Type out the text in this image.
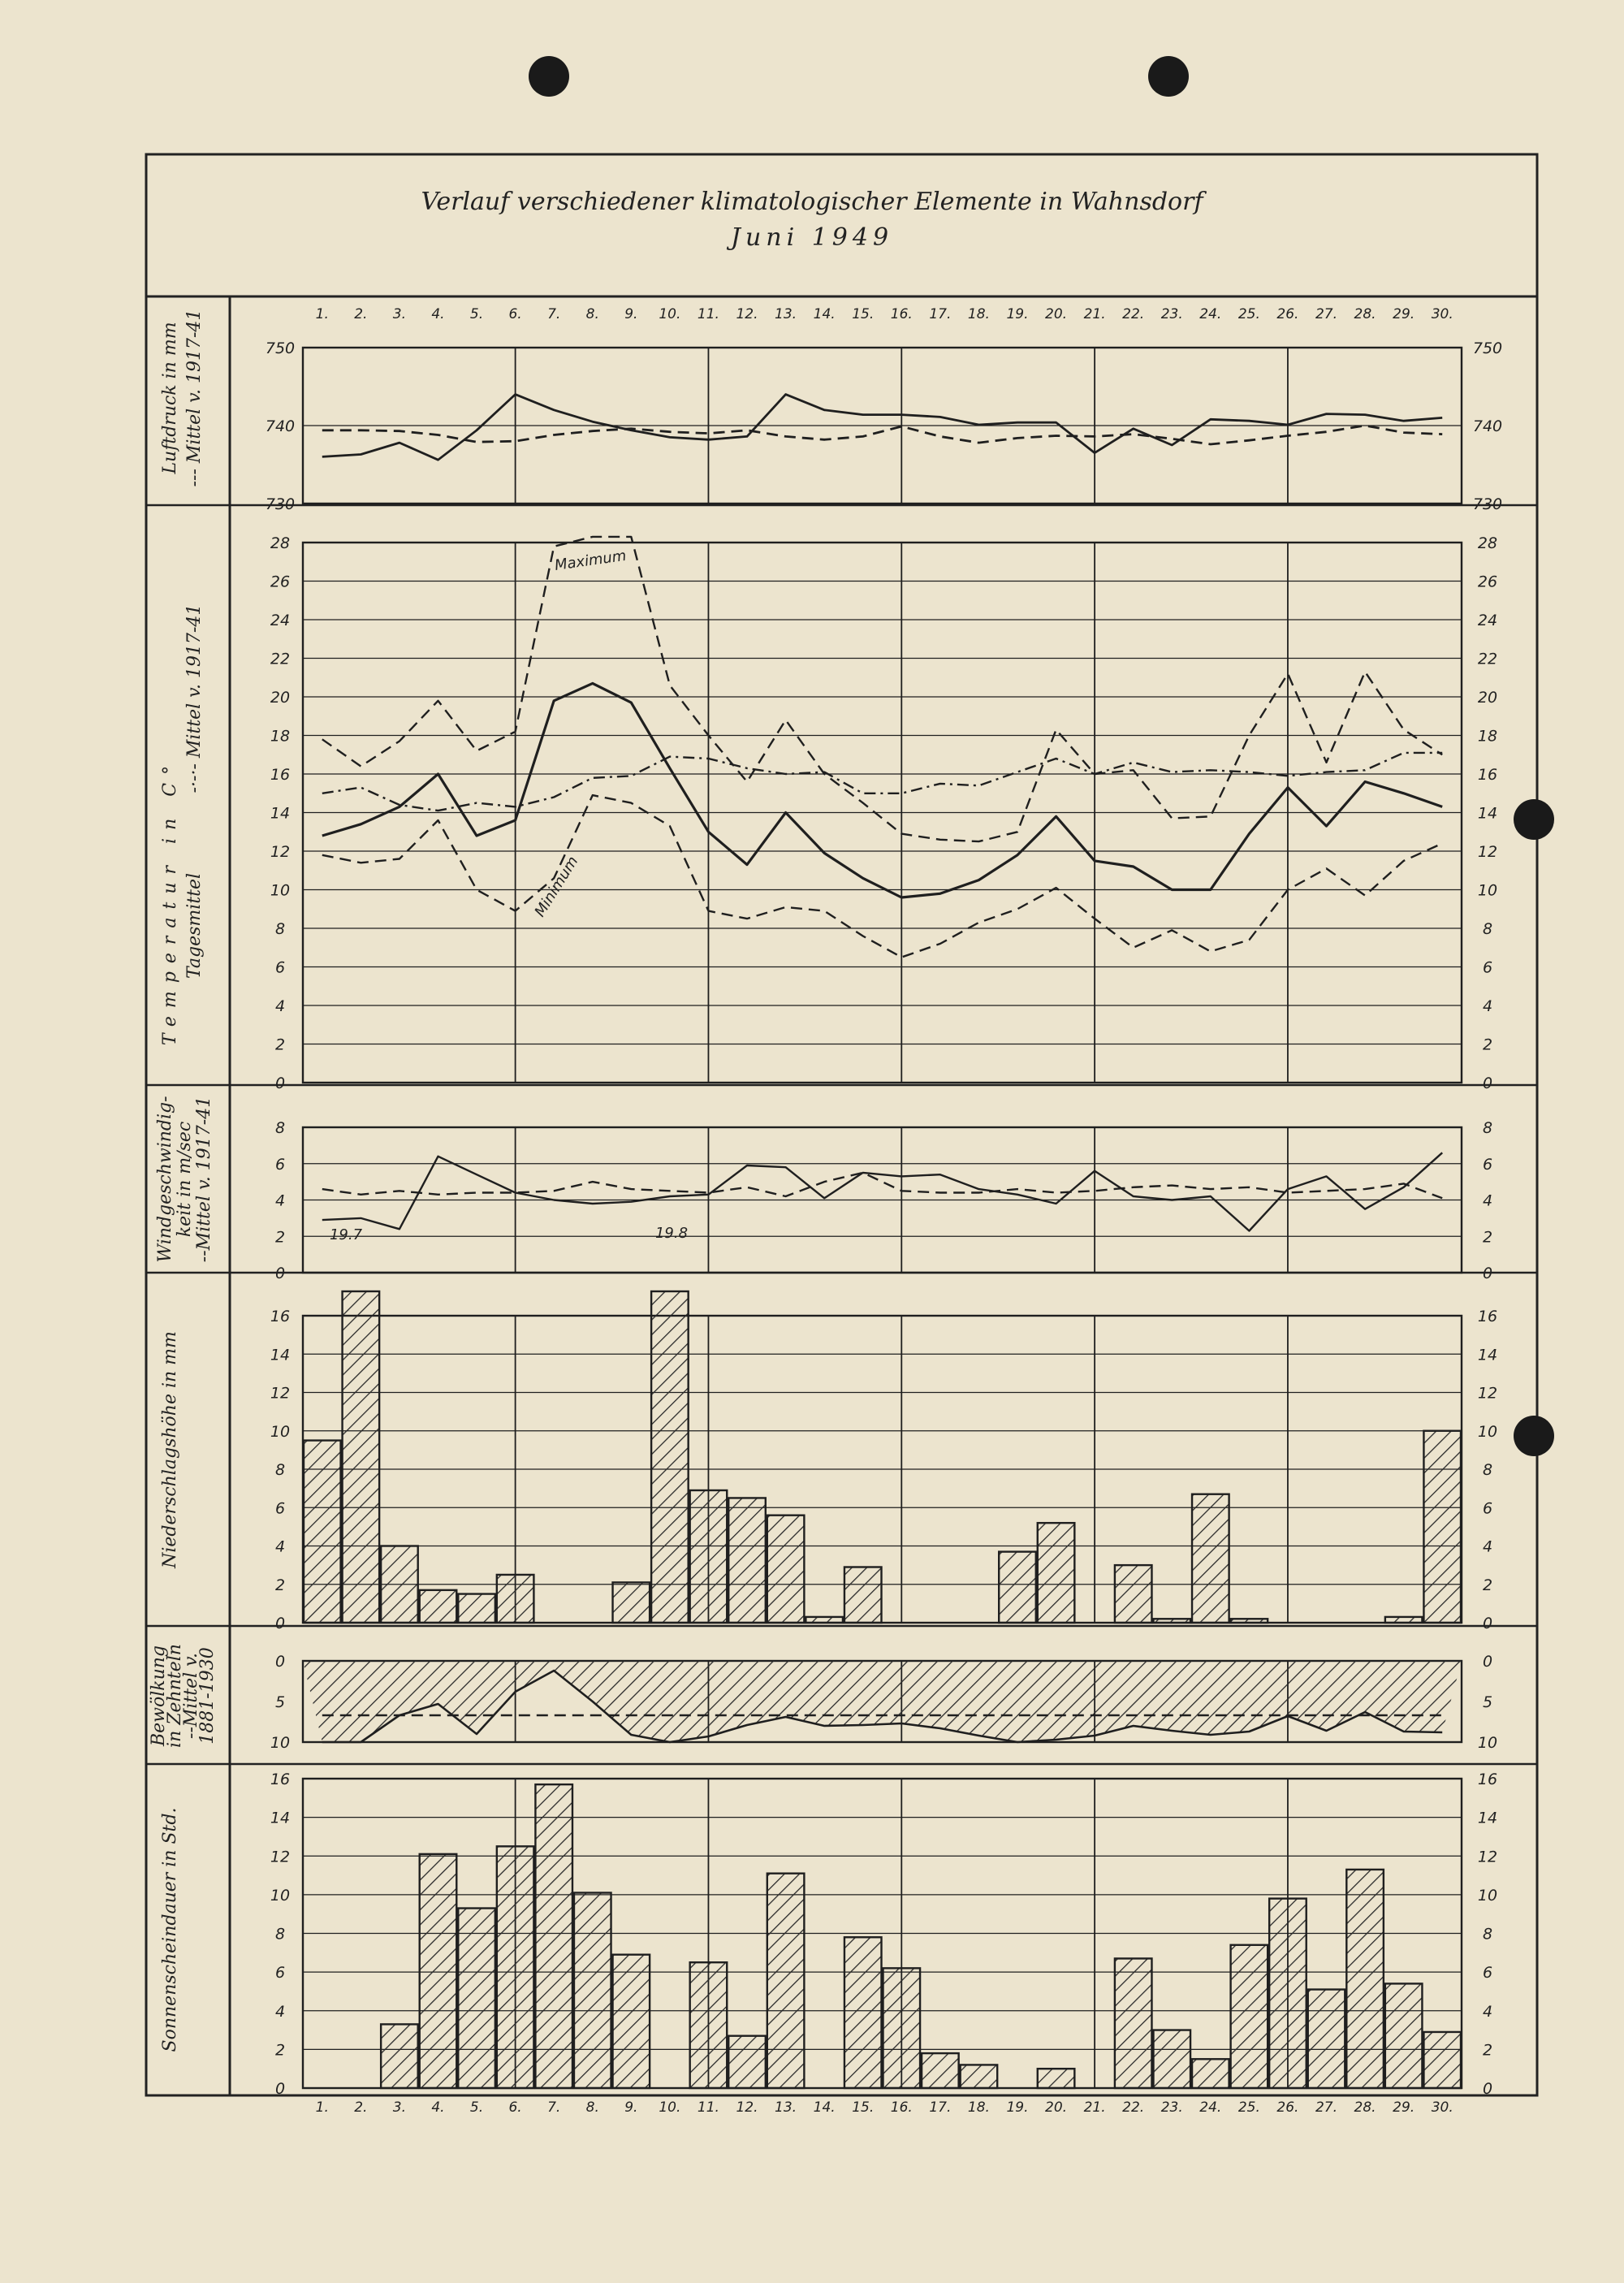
Verlauf verschiedener klimatologischer Elemente in Wahnsdorf
Juni 1949
Luftdruck in mm --- Mittel v. 1917-41
Temperatur in C° Tagesmittel
-·-·- Mittel v. 1917-41
Windgeschwindig- keit in m/sec --Mittel v. 1917-41
Niederschlagshöhe in mm
Bewölkung
in Zehnteln
--Mittel v.
1881-1930
Sonnenscheindauer in Std.
Maximum
Minimum
19.7	19.8
1.
1.
2.
2.
3.
3.
4.
4.
5.
5.
6.
6.
7.
7.
8.
8.
9.
9.
10.
10.
11.
11.
12.
12.
13.
13.
14.
14.
15.
15.
16.
16.
17.
17.
18.
18.
19.
19.
20.
20.
21.
21.
22.
22.
23.
23.
24.
24.
25.
25.
26.
26.
27.
27.
28.
28.
29.
29.
30.
30.
730	730
740	740
750	750
0	0
2	2
4	4
6	6
8	8
10	10
12	12
14	14
16	16
18	18
20	20
22	22
24	24
26	26
28	28
0	0
2	2
4	4
6	6
8	8
0	0
2	2
4	4
6	6
8	8
10	10
12	12
14	14
16	16
0	0
5	5
10	10
0	0
2	2
4	4
6	6
8	8
10	10
12	12
14	14
16	16
